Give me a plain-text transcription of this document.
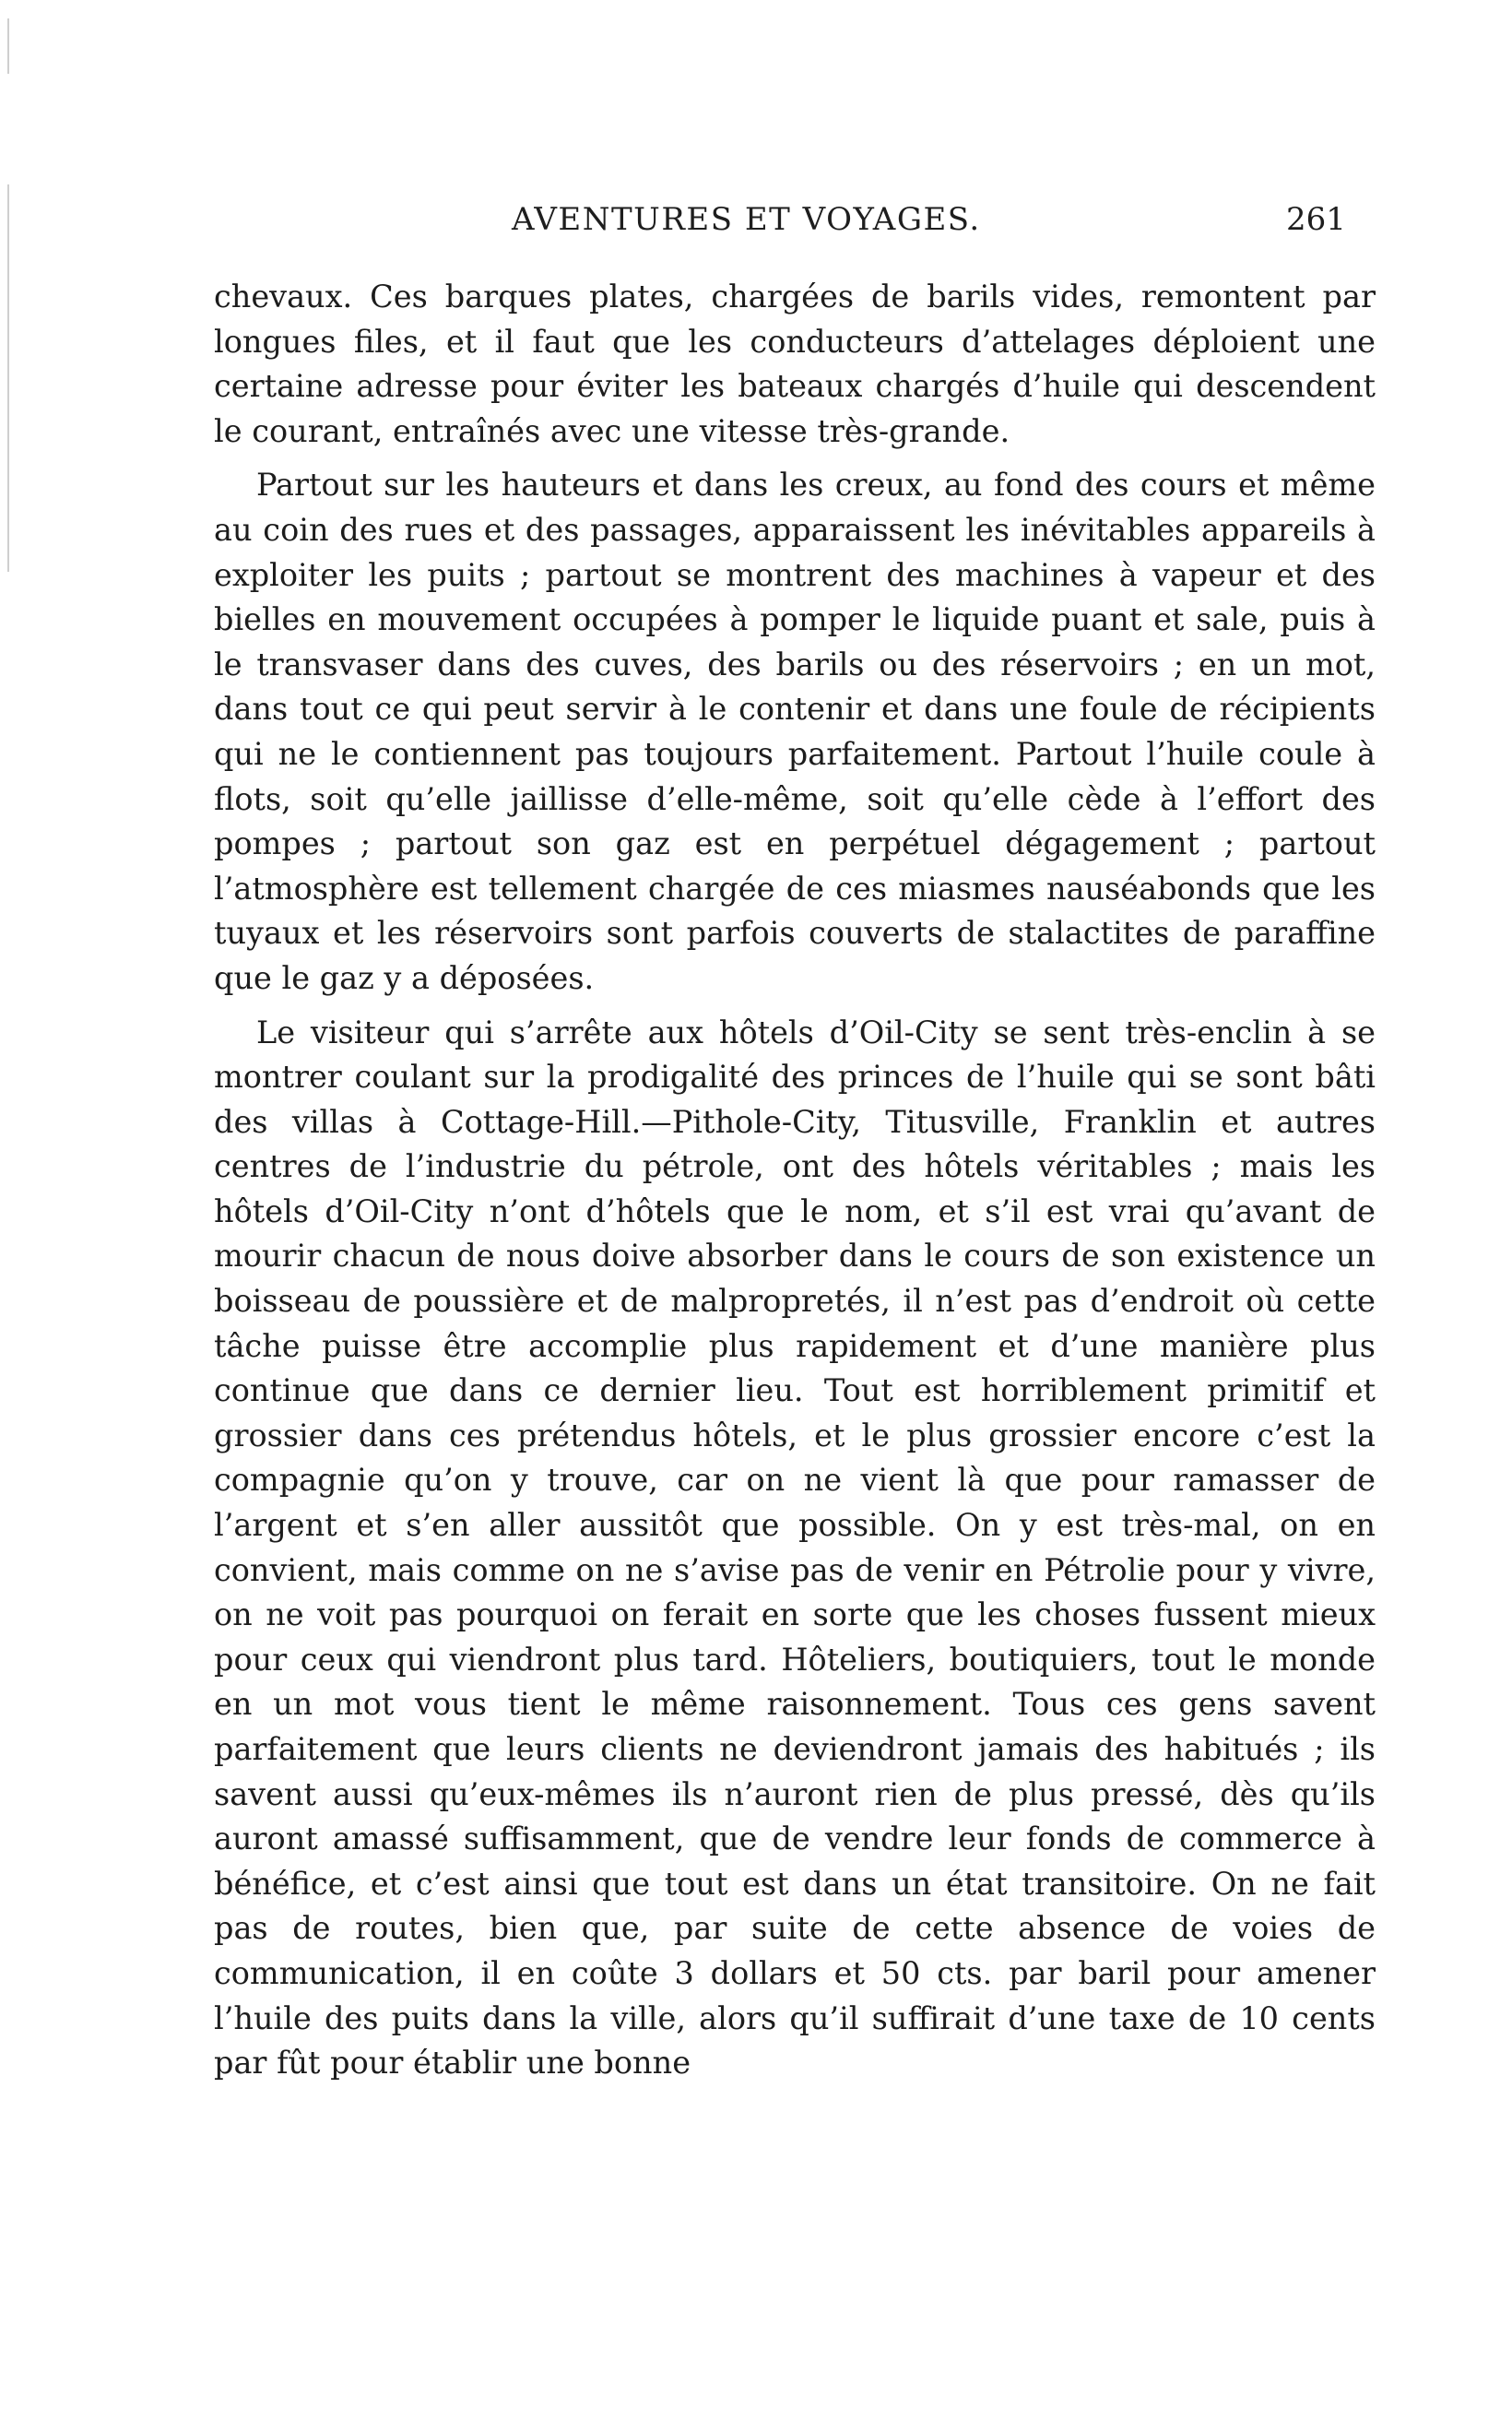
AVENTURES ET VOYAGES.	261

chevaux. Ces barques plates, chargées de barils vides, remontent par longues files, et il faut que les conducteurs d’attelages déploient une certaine adresse pour éviter les bateaux chargés d’huile qui descendent le courant, entraînés avec une vitesse très-grande.

Partout sur les hauteurs et dans les creux, au fond des cours et même au coin des rues et des passages, apparaissent les inévitables appareils à exploiter les puits ; partout se montrent des machines à vapeur et des bielles en mouvement occupées à pomper le liquide puant et sale, puis à le transvaser dans des cuves, des barils ou des réservoirs ; en un mot, dans tout ce qui peut servir à le contenir et dans une foule de récipients qui ne le contiennent pas toujours parfaitement. Partout l’huile coule à flots, soit qu’elle jaillisse d’elle-même, soit qu’elle cède à l’effort des pompes ; partout son gaz est en perpétuel dégagement ; partout l’atmosphère est tellement chargée de ces miasmes nauséabonds que les tuyaux et les réservoirs sont parfois couverts de stalactites de paraffine que le gaz y a déposées.

Le visiteur qui s’arrête aux hôtels d’Oil-City se sent très-enclin à se montrer coulant sur la prodigalité des princes de l’huile qui se sont bâti des villas à Cottage-Hill.—Pithole-City, Titusville, Franklin et autres centres de l’industrie du pétrole, ont des hôtels véritables ; mais les hôtels d’Oil-City n’ont d’hôtels que le nom, et s’il est vrai qu’avant de mourir chacun de nous doive absorber dans le cours de son existence un boisseau de poussière et de malpropretés, il n’est pas d’endroit où cette tâche puisse être accomplie plus rapidement et d’une manière plus continue que dans ce dernier lieu. Tout est horriblement primitif et grossier dans ces prétendus hôtels, et le plus grossier encore c’est la compagnie qu’on y trouve, car on ne vient là que pour ramasser de l’argent et s’en aller aussitôt que possible. On y est très-mal, on en convient, mais comme on ne s’avise pas de venir en Pétrolie pour y vivre, on ne voit pas pourquoi on ferait en sorte que les choses fussent mieux pour ceux qui viendront plus tard. Hôteliers, boutiquiers, tout le monde en un mot vous tient le même raisonnement. Tous ces gens savent parfaitement que leurs clients ne deviendront jamais des habitués ; ils savent aussi qu’eux-mêmes ils n’auront rien de plus pressé, dès qu’ils auront amassé suffisamment, que de vendre leur fonds de commerce à bénéfice, et c’est ainsi que tout est dans un état transitoire. On ne fait pas de routes, bien que, par suite de cette absence de voies de communication, il en coûte 3 dollars et 50 cts. par baril pour amener l’huile des puits dans la ville, alors qu’il suffirait d’une taxe de 10 cents par fût pour établir une bonne
